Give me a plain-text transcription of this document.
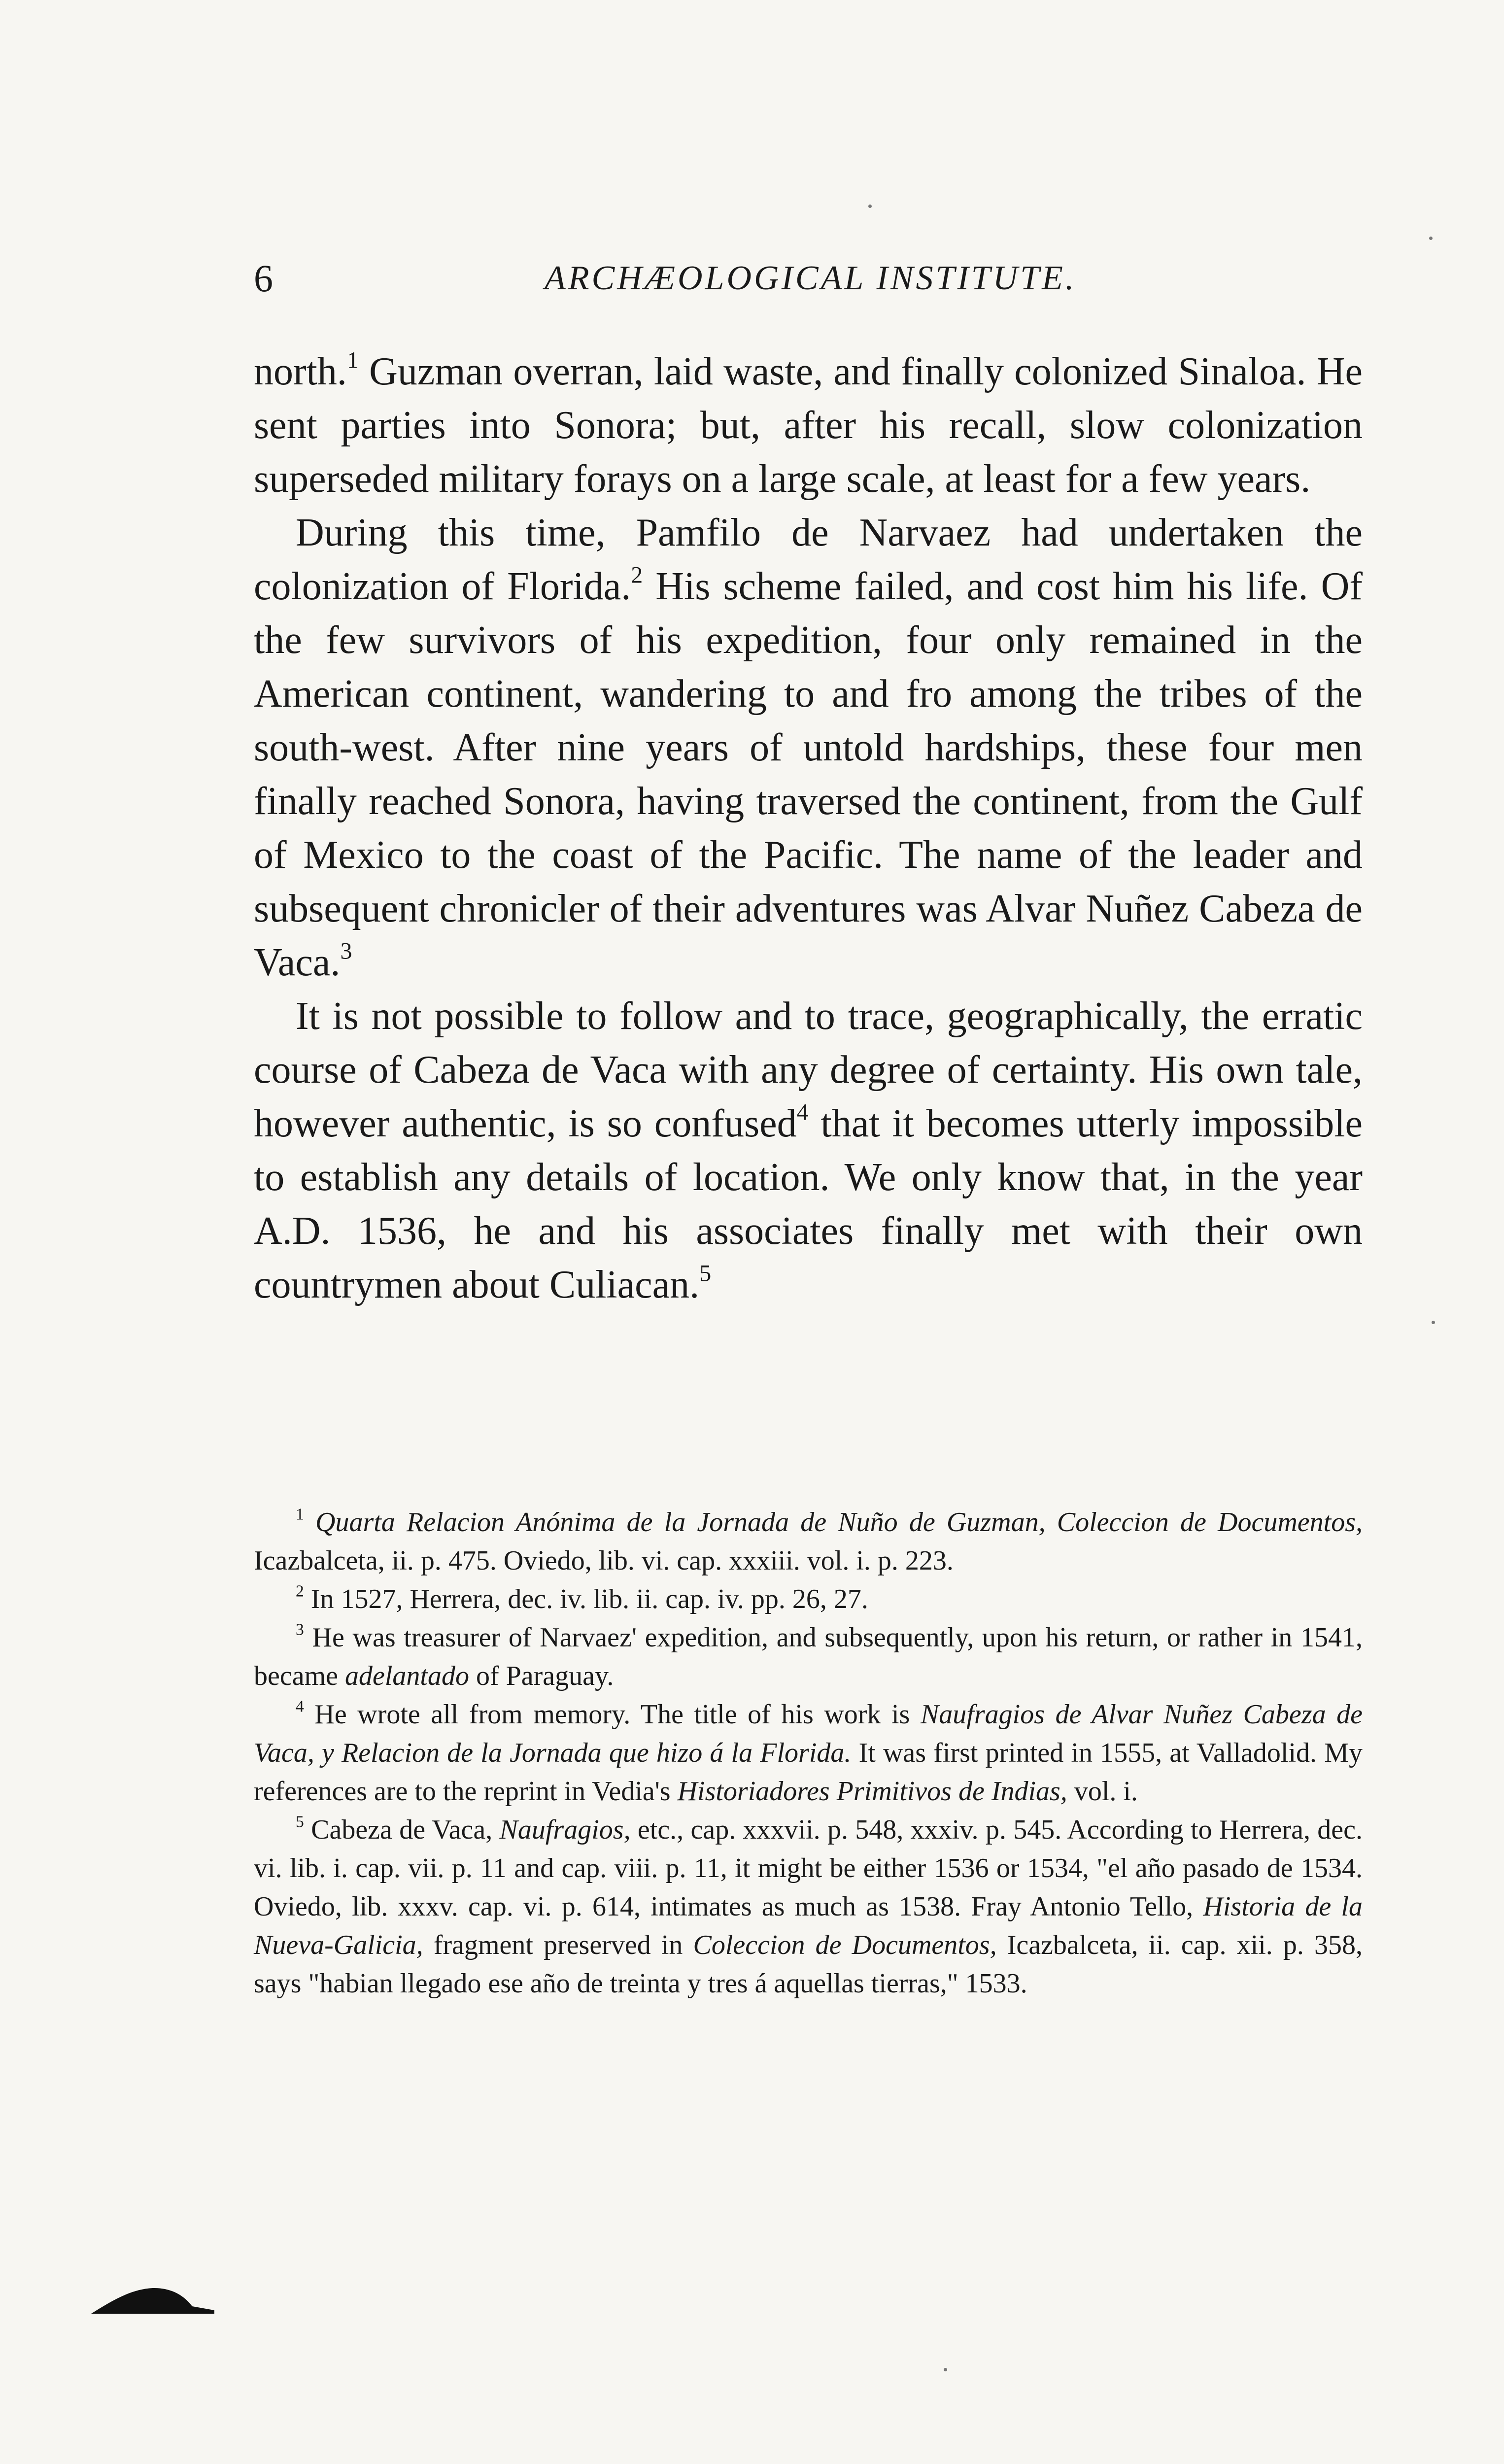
6	ARCHÆOLOGICAL INSTITUTE.

north.$^1$ Guzman overran, laid waste, and finally colonized Sinaloa. He sent parties into Sonora; but, after his recall, slow colonization superseded military forays on a large scale, at least for a few years.

During this time, Pamfilo de Narvaez had undertaken the colonization of Florida.$^2$ His scheme failed, and cost him his life. Of the few survivors of his expedition, four only remained in the American continent, wandering to and fro among the tribes of the south-west. After nine years of untold hardships, these four men finally reached Sonora, having traversed the continent, from the Gulf of Mexico to the coast of the Pacific. The name of the leader and subsequent chronicler of their adventures was Alvar Nuñez Cabeza de Vaca.$^3$

It is not possible to follow and to trace, geographically, the erratic course of Cabeza de Vaca with any degree of certainty. His own tale, however authentic, is so confused$^4$ that it becomes utterly impossible to establish any details of location. We only know that, in the year A.D. 1536, he and his associates finally met with their own countrymen about Culiacan.$^5$

$^1$ Quarta Relacion Anónima de la Jornada de Nuño de Guzman, Coleccion de Documentos, Icazbalceta, ii. p. 475. Oviedo, lib. vi. cap. xxxiii. vol. i. p. 223.

$^2$ In 1527, Herrera, dec. iv. lib. ii. cap. iv. pp. 26, 27.

$^3$ He was treasurer of Narvaez' expedition, and subsequently, upon his return, or rather in 1541, became adelantado of Paraguay.

$^4$ He wrote all from memory. The title of his work is Naufragios de Alvar Nuñez Cabeza de Vaca, y Relacion de la Jornada que hizo á la Florida. It was first printed in 1555, at Valladolid. My references are to the reprint in Vedia's Historiadores Primitivos de Indias, vol. i.

$^5$ Cabeza de Vaca, Naufragios, etc., cap. xxxvii. p. 548, xxxiv. p. 545. According to Herrera, dec. vi. lib. i. cap. vii. p. 11 and cap. viii. p. 11, it might be either 1536 or 1534, "el año pasado de 1534. Oviedo, lib. xxxv. cap. vi. p. 614, intimates as much as 1538. Fray Antonio Tello, Historia de la Nueva-Galicia, fragment preserved in Coleccion de Documentos, Icazbalceta, ii. cap. xii. p. 358, says "habian llegado ese año de treinta y tres á aquellas tierras," 1533.
